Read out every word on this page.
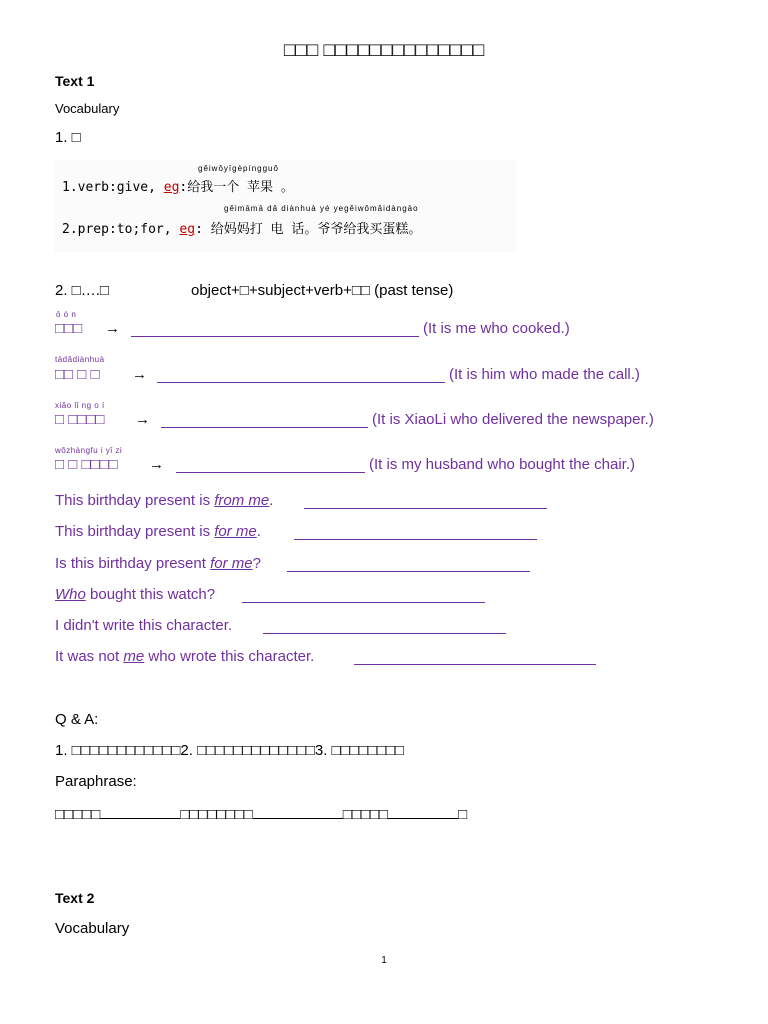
□□□ □□□□□□□□□□□□□□
Text 1
Vocabulary
1. □
gěiwǒyīgèpíngguǒ
1.verb:give, eg:给我一个 苹果 。
gěimāmā dǎ diànhuà yé yegěiwǒmǎidàngāo
2.prep:to;for, eg: 给妈妈打 电 话。爷爷给我买蛋糕。
2. □….□	object+□+subject+verb+□□ (past tense)
ō ó n
□□□ →	(It is me who cooked.)
tādǎdiànhuà
□□ □ □ →	(It is him who made the call.)
xiǎo lǐ ng o í
□ □□□□ →	(It is XiaoLi who delivered the newspaper.)
wǒzhàngfu i yǐ zi
□ □ □□□□ →	(It is my husband who bought the chair.)
This birthday present is from me.
This birthday present is for me.
Is this birthday present for me?
Who bought this watch?
I didn't write this character.
It was not me who wrote this character.
Q & A:
1. □□□□□□□□□□□□2. □□□□□□□□□□□□□3. □□□□□□□□
Paraphrase:
□□□□□	□□□□□□□□	□□□□□	□
Text 2
Vocabulary
1
